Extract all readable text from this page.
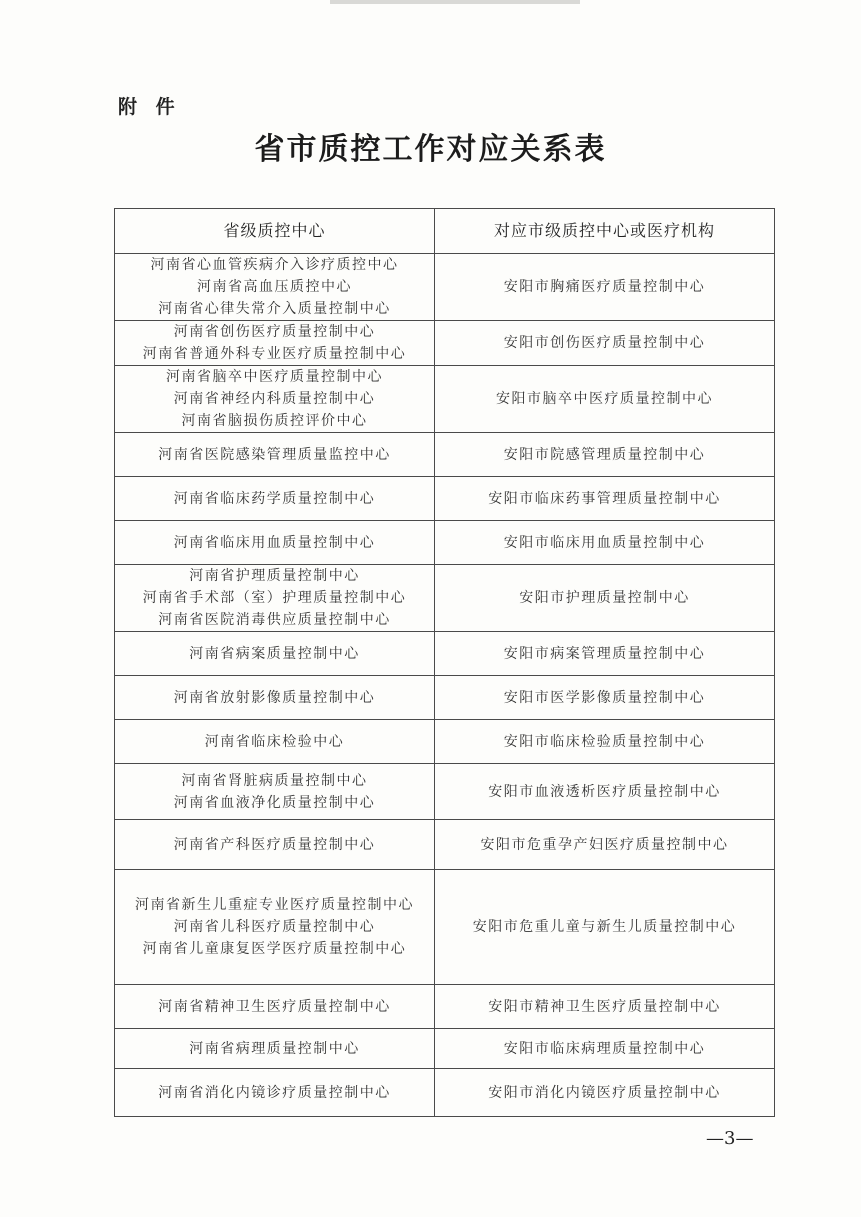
附 件
省市质控工作对应关系表
省级质控中心	对应市级质控中心或医疗机构

河南省心血管疾病介入诊疗质控中心
河南省高血压质控中心
河南省心律失常介入质量控制中心	安阳市胸痛医疗质量控制中心

河南省创伤医疗质量控制中心
河南省普通外科专业医疗质量控制中心	安阳市创伤医疗质量控制中心

河南省脑卒中医疗质量控制中心
河南省神经内科质量控制中心
河南省脑损伤质控评价中心	安阳市脑卒中医疗质量控制中心

河南省医院感染管理质量监控中心	安阳市院感管理质量控制中心

河南省临床药学质量控制中心	安阳市临床药事管理质量控制中心

河南省临床用血质量控制中心	安阳市临床用血质量控制中心

河南省护理质量控制中心
河南省手术部（室）护理质量控制中心
河南省医院消毒供应质量控制中心	安阳市护理质量控制中心

河南省病案质量控制中心	安阳市病案管理质量控制中心

河南省放射影像质量控制中心	安阳市医学影像质量控制中心

河南省临床检验中心	安阳市临床检验质量控制中心

河南省肾脏病质量控制中心
河南省血液净化质量控制中心	安阳市血液透析医疗质量控制中心

河南省产科医疗质量控制中心	安阳市危重孕产妇医疗质量控制中心

河南省新生儿重症专业医疗质量控制中心
河南省儿科医疗质量控制中心
河南省儿童康复医学医疗质量控制中心	安阳市危重儿童与新生儿质量控制中心

河南省精神卫生医疗质量控制中心	安阳市精神卫生医疗质量控制中心

河南省病理质量控制中心	安阳市临床病理质量控制中心

河南省消化内镜诊疗质量控制中心	安阳市消化内镜医疗质量控制中心
—3—
